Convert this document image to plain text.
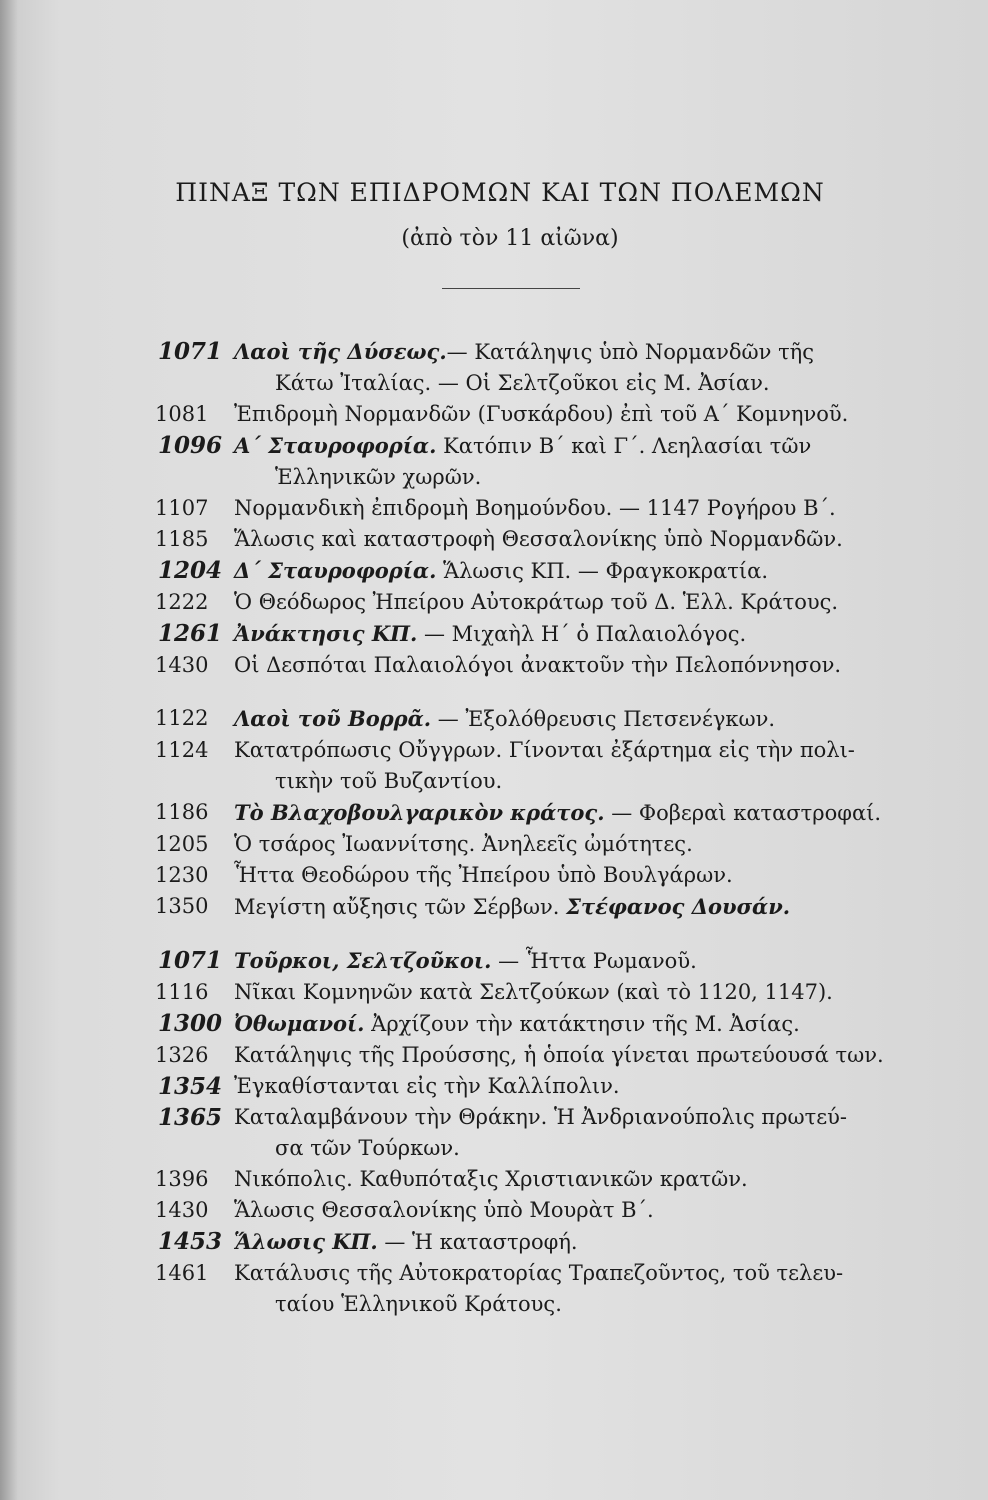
ΠΙΝΑΞ ΤΩΝ ΕΠΙΔΡΟΜΩΝ ΚΑΙ ΤΩΝ ΠΟΛΕΜΩΝ
(ἀπὸ τὸν 11 αἰῶνα)
1071 Λαοὶ τῆς Δύσεως.— Κατάληψις ὑπὸ Νορμανδῶν τῆς
Κάτω Ἰταλίας. — Οἱ Σελτζοῦκοι εἰς Μ. Ἀσίαν.
1081	Ἐπιδρομὴ Νορμανδῶν (Γυσκάρδου) ἐπὶ τοῦ Α΄ Κομνηνοῦ.
1096 Α΄ Σταυροφορία. Κατόπιν Β΄ καὶ Γ΄. Λεηλασίαι τῶν
Ἑλληνικῶν χωρῶν.
1107	Νορμανδικὴ ἐπιδρομὴ Βοημούνδου. — 1147 Ρογήρου Β΄.
1185	Ἅλωσις καὶ καταστροφὴ Θεσσαλονίκης ὑπὸ Νορμανδῶν.
1204 Δ΄ Σταυροφορία. Ἅλωσις ΚΠ. — Φραγκοκρατία.
1222	Ὁ Θεόδωρος Ἠπείρου Αὐτοκράτωρ τοῦ Δ. Ἑλλ. Κράτους.
1261 Ἀνάκτησις ΚΠ. — Μιχαὴλ Η΄ ὁ Παλαιολόγος.
1430	Οἱ Δεσπόται Παλαιολόγοι ἀνακτοῦν τὴν Πελοπόννησον.
1122	Λαοὶ τοῦ Βορρᾶ. — Ἐξολόθρευσις Πετσενέγκων.
1124	Κατατρόπωσις Οὔγγρων. Γίνονται ἐξάρτημα εἰς τὴν πολι-
τικὴν τοῦ Βυζαντίου.
1186	Τὸ Βλαχοβουλγαρικὸν κράτος. — Φοβεραὶ καταστροφαί.
1205	Ὁ τσάρος Ἰωαννίτσης. Ἀνηλεεῖς ὠμότητες.
1230	Ἧττα Θεοδώρου τῆς Ἠπείρου ὑπὸ Βουλγάρων.
1350	Μεγίστη αὔξησις τῶν Σέρβων. Στέφανος Δουσάν.
1071 Τοῦρκοι, Σελτζοῦκοι. — Ἧττα Ρωμανοῦ.
1116	Νῖκαι Κομνηνῶν κατὰ Σελτζούκων (καὶ τὸ 1120, 1147).
1300 Ὀθωμανοί. Ἀρχίζουν τὴν κατάκτησιν τῆς Μ. Ἀσίας.
1326	Κατάληψις τῆς Προύσσης, ἡ ὁποία γίνεται πρωτεύουσά των.
1354 Ἐγκαθίστανται εἰς τὴν Καλλίπολιν.
1365 Καταλαμβάνουν τὴν Θράκην. Ἡ Ἀνδριανούπολις πρωτεύ-
σα τῶν Τούρκων.
1396	Νικόπολις. Καθυπόταξις Χριστιανικῶν κρατῶν.
1430	Ἅλωσις Θεσσαλονίκης ὑπὸ Μουρὰτ Β΄.
1453 Ἅλωσις ΚΠ. — Ἡ καταστροφή.
1461	Κατάλυσις τῆς Αὐτοκρατορίας Τραπεζοῦντος, τοῦ τελευ-
ταίου Ἑλληνικοῦ Κράτους.
